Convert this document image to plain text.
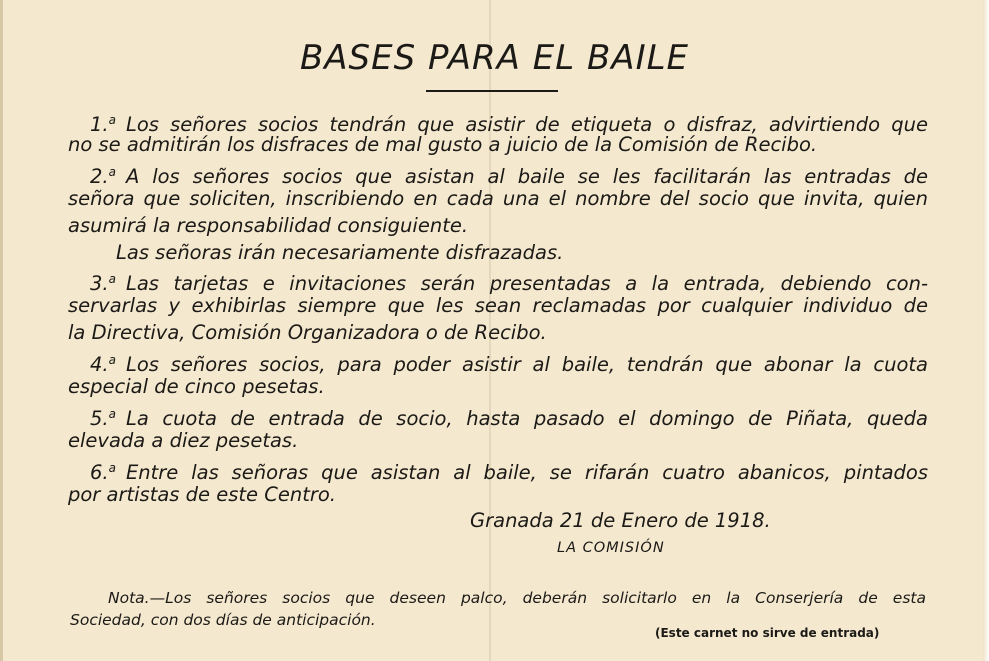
BASES PARA EL BAILE
1.$^a$ Los señores socios tendrán que asistir de etiqueta o disfraz, advirtiendo que
no se admitirán los disfraces de mal gusto a juicio de la Comisión de Recibo.
2.$^a$ A los señores socios que asistan al baile se les facilitarán las entradas de
señora que soliciten, inscribiendo en cada una el nombre del socio que invita, quien
asumirá la responsabilidad consiguiente.
Las señoras irán necesariamente disfrazadas.
3.$^a$ Las tarjetas e invitaciones serán presentadas a la entrada, debiendo con-
servarlas y exhibirlas siempre que les sean reclamadas por cualquier individuo de
la Directiva, Comisión Organizadora o de Recibo.
4.$^a$ Los señores socios, para poder asistir al baile, tendrán que abonar la cuota
especial de cinco pesetas.
5.$^a$ La cuota de entrada de socio, hasta pasado el domingo de Piñata, queda
elevada a diez pesetas.
6.$^a$ Entre las señoras que asistan al baile, se rifarán cuatro abanicos, pintados
por artistas de este Centro.
Granada 21 de Enero de 1918.
LA COMISIÓN
Nota.—Los señores socios que deseen palco, deberán solicitarlo en la Conserjería de esta
Sociedad, con dos días de anticipación.
(Este carnet no sirve de entrada)
